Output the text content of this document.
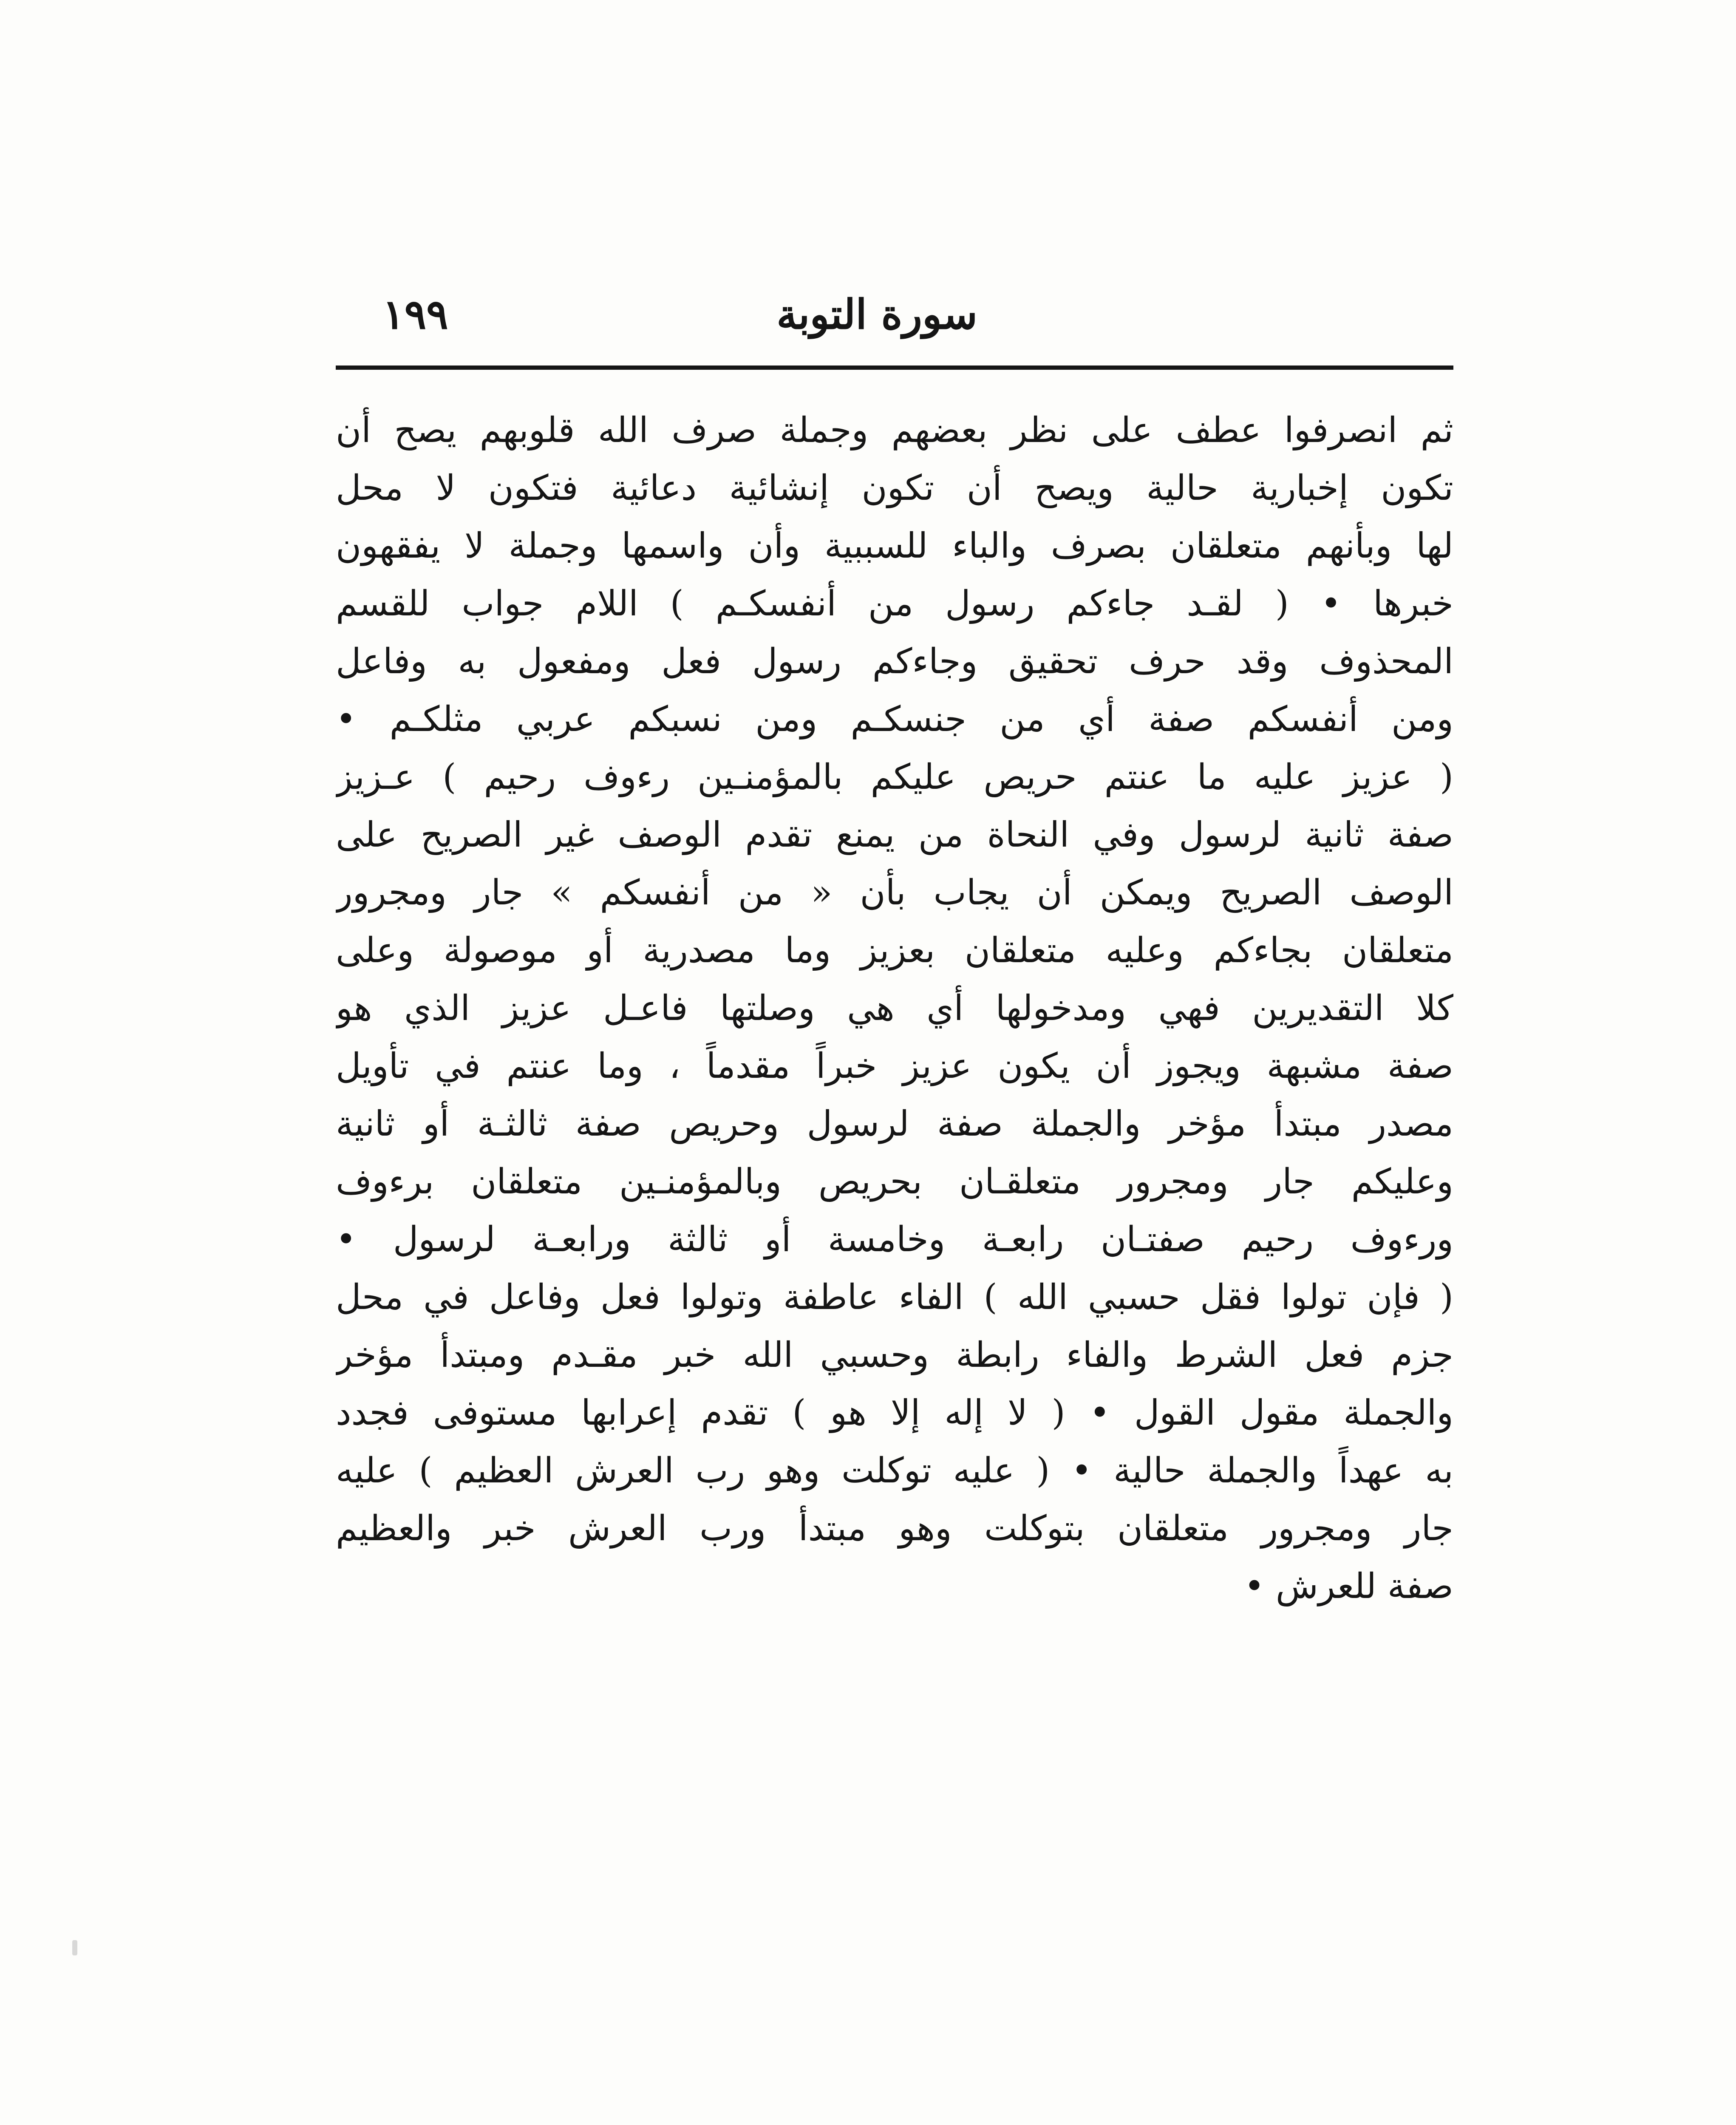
سورة التوبة
١٩٩
ثم انصرفوا عطف على نظر بعضهم وجملة صرف الله قلوبهم يصح أن
تكون إخبارية حالية ويصح أن تكون إنشائية دعائية فتكون لا محل
لها وبأنهم متعلقان بصرف والباء للسببية وأن واسمها وجملة لا يفقهون
خبرها • ( لقـد جاءكم رسول من أنفسكـم ) اللام جواب للقسم
المحذوف وقد حرف تحقيق وجاءكم رسول فعل ومفعول به وفاعل
ومن أنفسكم صفة أي من جنسكـم ومن نسبكم عربي مثلكـم •
( عزيز عليه ما عنتم حريص عليكم بالمؤمنـين رءوف رحيم ) عـزيز
صفة ثانية لرسول وفي النحاة من يمنع تقدم الوصف غير الصريح على
الوصف الصريح ويمكن أن يجاب بأن « من أنفسكم » جار ومجرور
متعلقان بجاءكم وعليه متعلقان بعزيز وما مصدرية أو موصولة وعلى
كلا التقديرين فهي ومدخولها أي هي وصلتها فاعـل عزيز الذي هو
صفة مشبهة ويجوز أن يكون عزيز خبراً مقدماً ، وما عنتم في تأويل
مصدر مبتدأ مؤخر والجملة صفة لرسول وحريص صفة ثالثـة أو ثانية
وعليكم جار ومجرور متعلقـان بحريص وبالمؤمنـين متعلقان برءوف
ورءوف رحيم صفتـان رابعـة وخامسة أو ثالثة ورابعـة لرسول •
( فإن تولوا فقل حسبي الله ) الفاء عاطفة وتولوا فعل وفاعل في محل
جزم فعل الشرط والفاء رابطة وحسبي الله خبر مقـدم ومبتدأ مؤخر
والجملة مقول القول • ( لا إله إلا هو ) تقدم إعرابها مستوفى فجدد
به عهداً والجملة حالية • ( عليه توكلت وهو رب العرش العظيم ) عليه
جار ومجرور متعلقان بتوكلت وهو مبتدأ ورب العرش خبر والعظيم
صفة للعرش •
